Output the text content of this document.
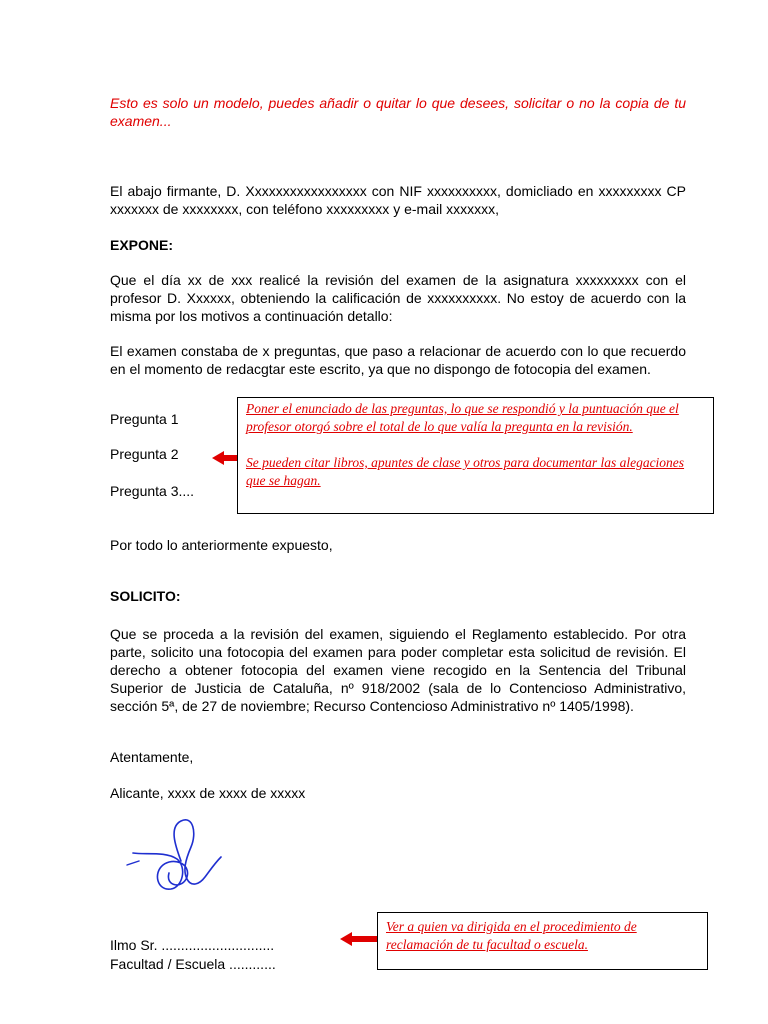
Esto es solo un modelo, puedes añadir o quitar lo que desees, solicitar o no la copia de tu examen...
El abajo firmante, D. Xxxxxxxxxxxxxxxxx con NIF xxxxxxxxxx, domicliado en xxxxxxxxx CP xxxxxxx de xxxxxxxx, con teléfono xxxxxxxxx y e-mail xxxxxxx,
EXPONE:
Que el día xx de xxx realicé la revisión del examen de la asignatura xxxxxxxxx con el profesor D. Xxxxxx, obteniendo la calificación de xxxxxxxxxx. No estoy de acuerdo con la misma por los motivos a continuación detallo:
El examen constaba de x preguntas, que paso a relacionar de acuerdo con lo que recuerdo en el momento de redacgtar este escrito, ya que no dispongo de fotocopia del examen.
Pregunta 1
Pregunta 2
Pregunta 3....

Poner el enunciado de las preguntas, lo que se respondió y la puntuación que el profesor otorgó sobre el total de lo que valía la pregunta en la revisión.

Se pueden citar libros, apuntes de clase y otros para documentar las alegaciones que se hagan.

Por todo lo anteriormente expuesto,
SOLICITO:
Que se proceda a la revisión del examen, siguiendo el Reglamento establecido. Por otra parte, solicito una fotocopia del examen para poder completar esta solicitud de revisión. El derecho a obtener fotocopia del examen viene recogido en la Sentencia del Tribunal Superior de Justicia de Cataluña, nº 918/2002 (sala de lo Contencioso Administrativo, sección 5ª, de 27 de noviembre; Recurso Contencioso Administrativo nº 1405/1998).
Atentamente,
Alicante, xxxx de xxxx de xxxxx
Ilmo Sr. .............................
Facultad / Escuela ............

Ver a quien va dirigida en el procedimiento de reclamación de tu facultad o escuela.
